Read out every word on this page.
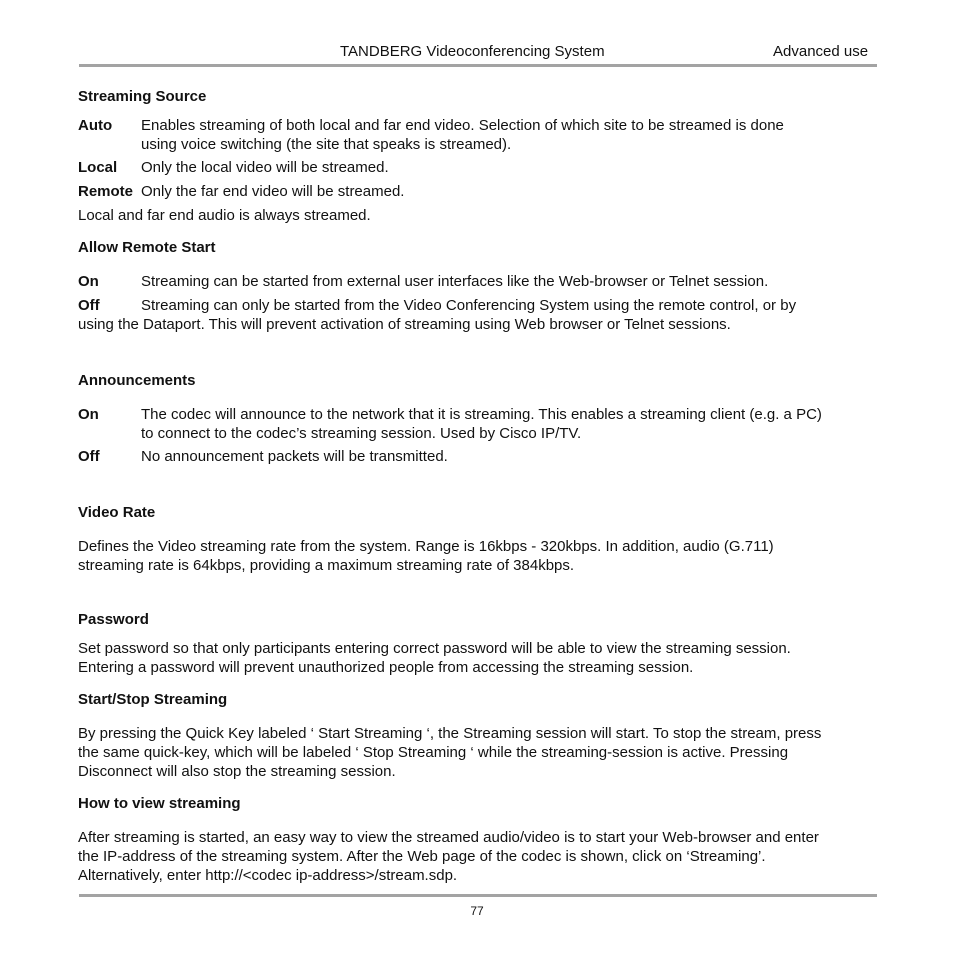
TANDBERG Videoconferencing System	Advanced use
Streaming Source
Auto Enables streaming of both local and far end video. Selection of which site to be streamed is done
using voice switching (the site that speaks is streamed).
Local Only the local video will be streamed.
Remote Only the far end video will be streamed.
Local and far end audio is always streamed.
Allow Remote Start
On	Streaming can be started from external user interfaces like the Web-browser or Telnet session.
Off	Streaming can only be started from the Video Conferencing System using the remote control, or by
using the Dataport. This will prevent activation of streaming using Web browser or Telnet sessions.
Announcements
On	The codec will announce to the network that it is streaming. This enables a streaming client (e.g. a PC)
to connect to the codec’s streaming session. Used by Cisco IP/TV.
Off	No announcement packets will be transmitted.
Video Rate
Defines the Video streaming rate from the system. Range is 16kbps - 320kbps. In addition, audio (G.711)
streaming rate is 64kbps, providing a maximum streaming rate of 384kbps.
Password
Set password so that only participants entering correct password will be able to view the streaming session.
Entering a password will prevent unauthorized people from accessing the streaming session.
Start/Stop Streaming
By pressing the Quick Key labeled ‘ Start Streaming ‘, the Streaming session will start. To stop the stream, press
the same quick-key, which will be labeled ‘ Stop Streaming ‘ while the streaming-session is active. Pressing
Disconnect will also stop the streaming session.
How to view streaming
After streaming is started, an easy way to view the streamed audio/video is to start your Web-browser and enter
the IP-address of the streaming system. After the Web page of the codec is shown, click on ‘Streaming’.
Alternatively, enter http://<codec ip-address>/stream.sdp.
77
